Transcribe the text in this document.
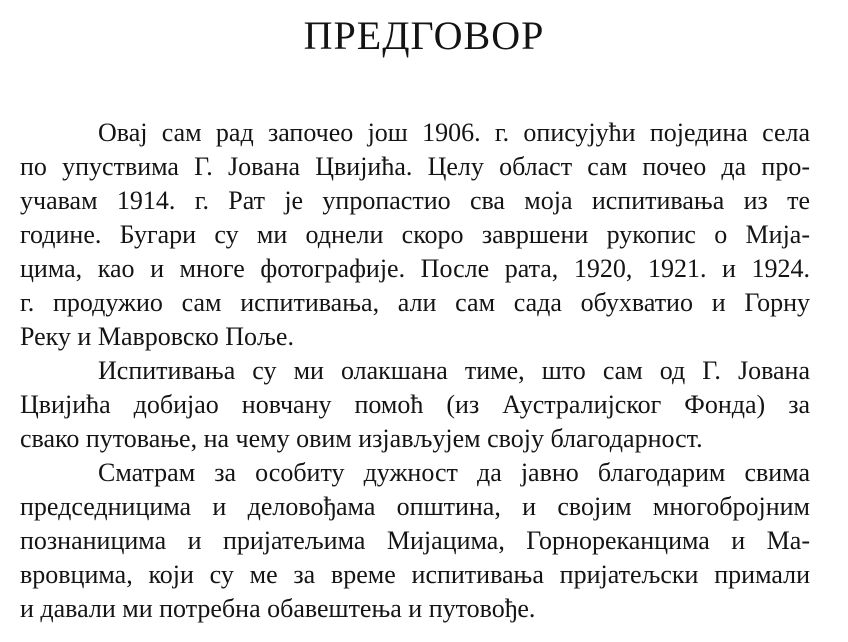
ПРЕДГОВОР
Овај сам рад започео још 1906. г. описујући поједина села
по упуствима Г. Јована Цвијића. Целу област сам почео да про-
учавам 1914. г. Рат је упропастио сва моја испитивања из те
године. Бугари су ми однели скоро завршени рукопис о Мија-
цима, као и многе фотографије. После рата, 1920, 1921. и 1924.
г. продужио сам испитивања, али сам сада обухватио и Горну
Реку и Мавровско Поље.
Испитивања су ми олакшана тиме, што сам од Г. Јована
Цвијића добијао новчану помоћ (из Аустралијског Фонда) за
свако путовање, на чему овим изјављујем своју благодарност.
Сматрам за особиту дужност да јавно благодарим свима
председницима и деловођама општина, и својим многобројним
познаницима и пријатељима Мијацима, Горнореканцима и Ма-
вровцима, који су ме за време испитивања пријатељски примали
и давали ми потребна обавештења и путовође.
